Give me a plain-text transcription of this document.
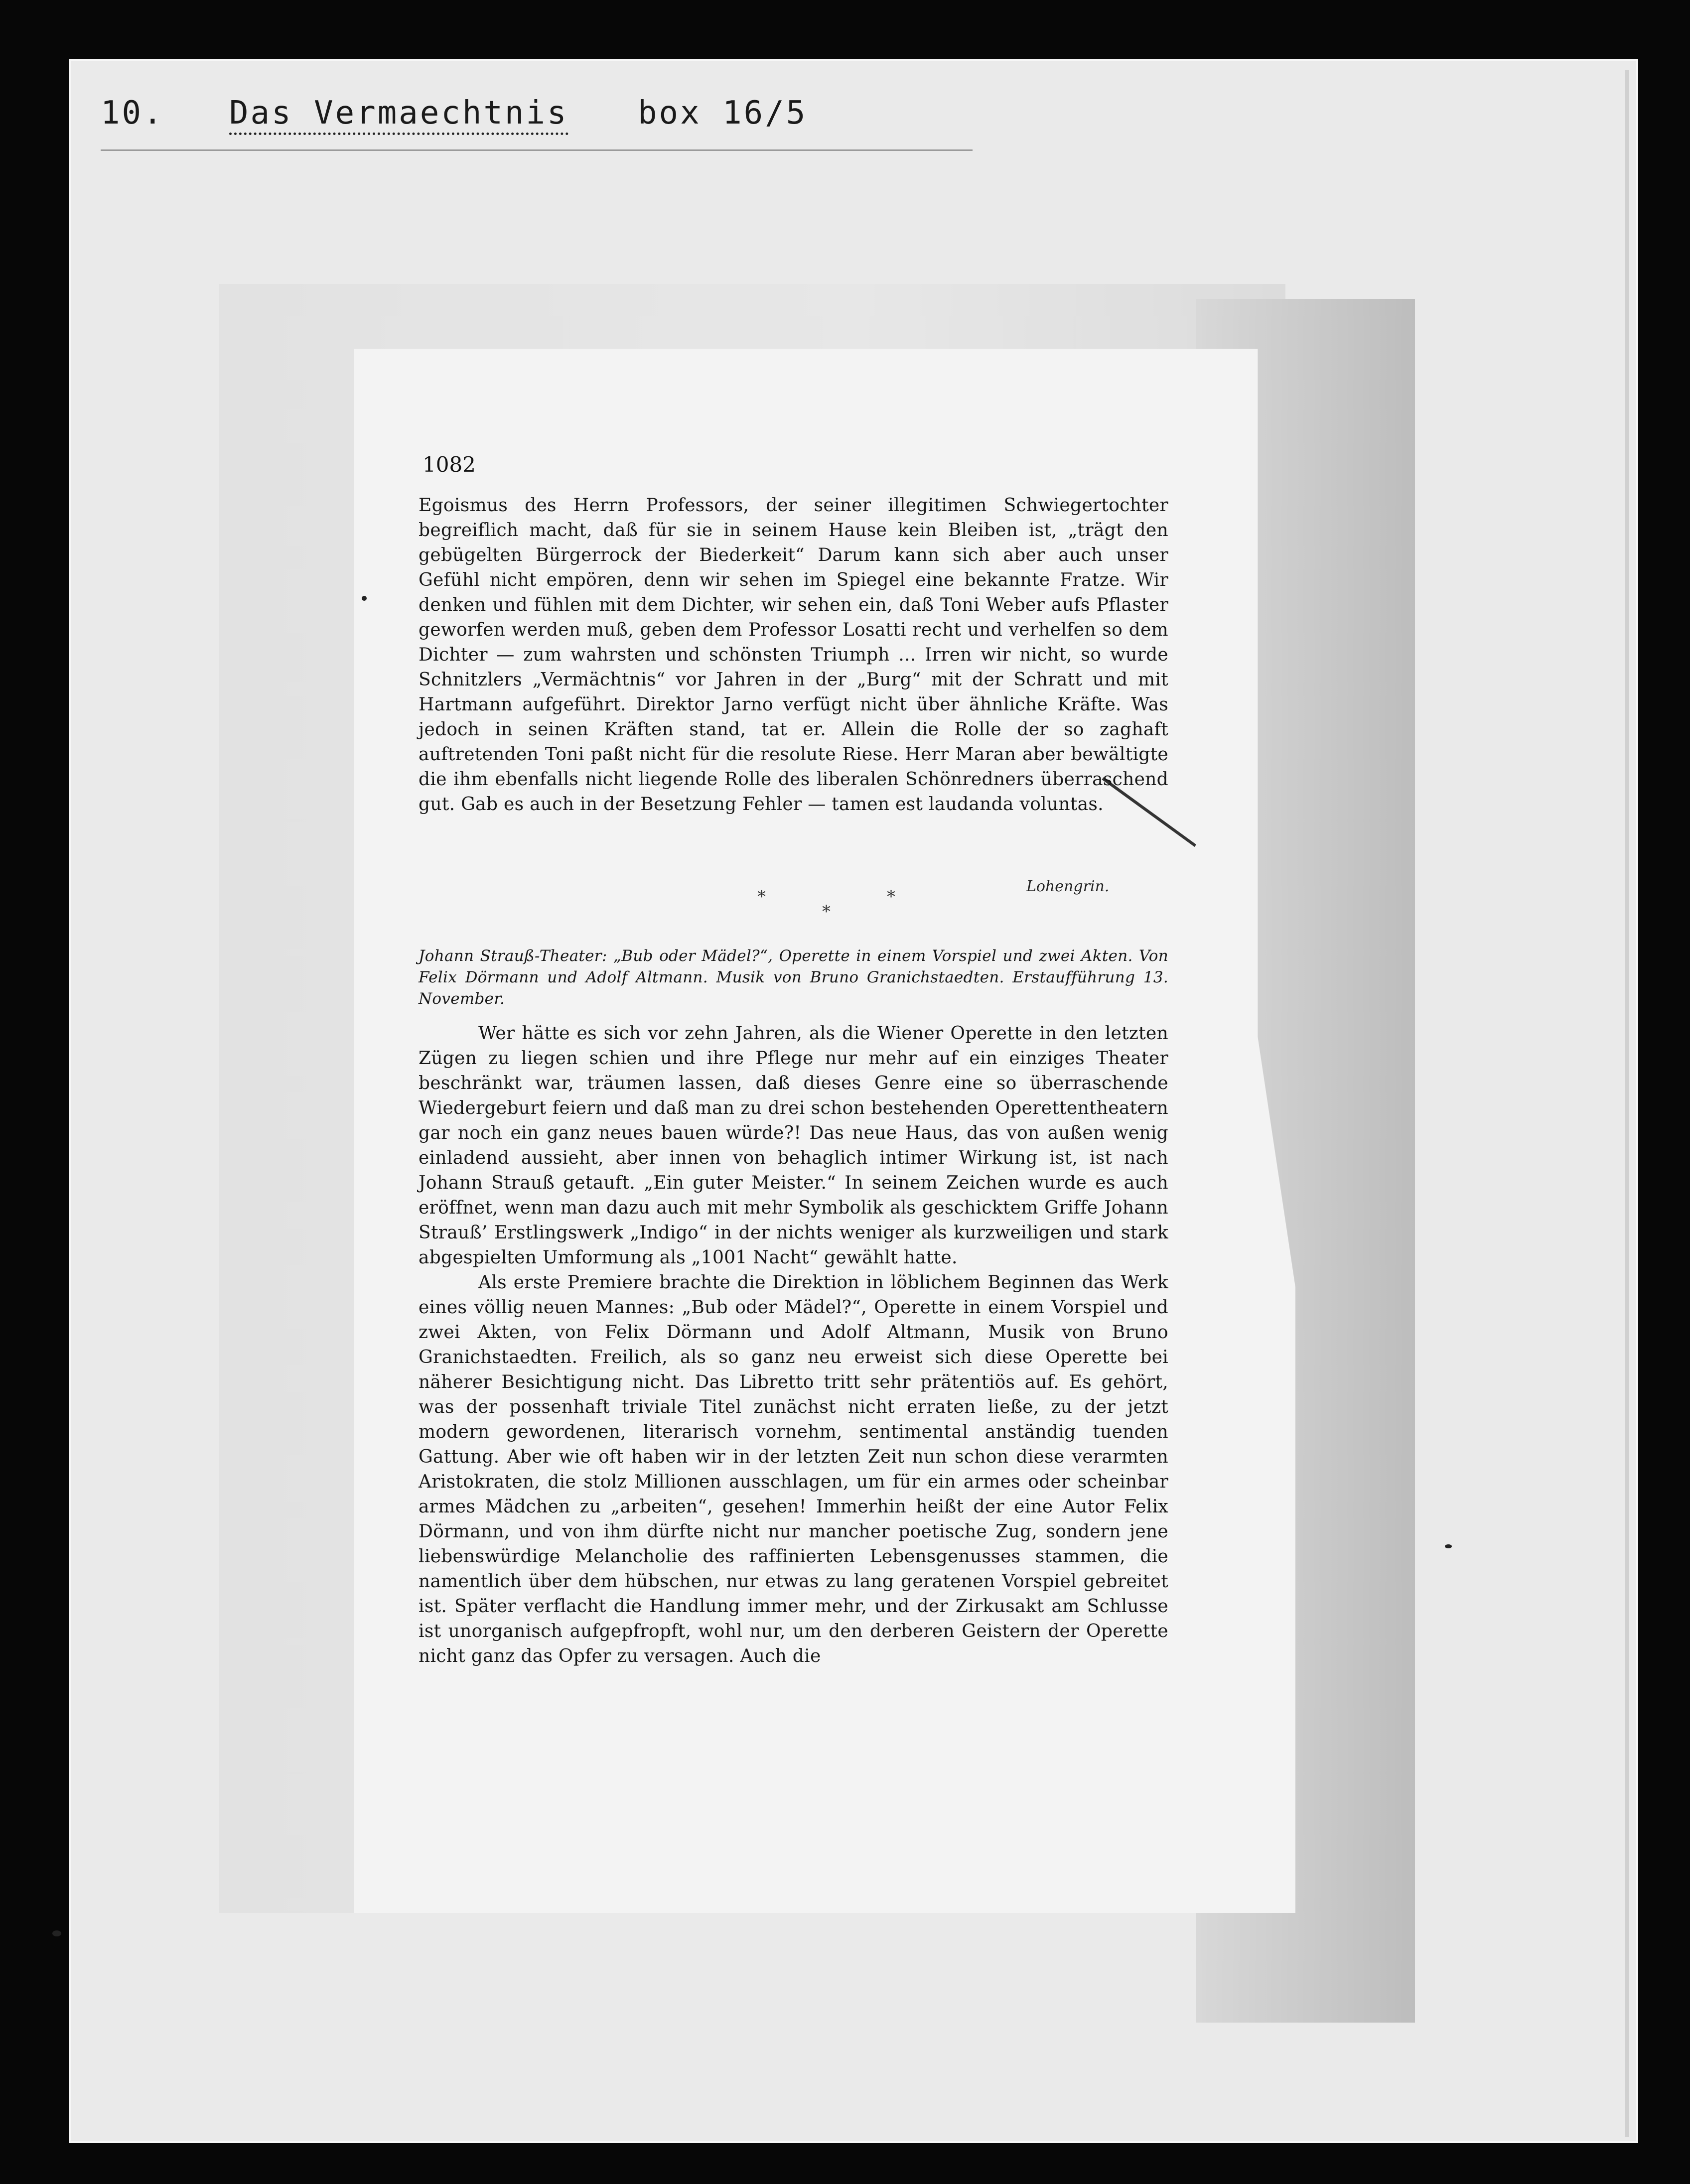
10. Das Vermaechtnis box 16/5
1082

Egoismus des Herrn Professors, der seiner illegitimen Schwiegertochter begreiflich macht, daß für sie in seinem Hause kein Bleiben ist, „trägt den gebügelten Bürgerrock der Biederkeit“ Darum kann sich aber auch unser Gefühl nicht empören, denn wir sehen im Spiegel eine bekannte Fratze. Wir denken und fühlen mit dem Dichter, wir sehen ein, daß Toni Weber aufs Pflaster geworfen werden muß, geben dem Professor Losatti recht und verhelfen so dem Dichter — zum wahrsten und schönsten Triumph ... Irren wir nicht, so wurde Schnitzlers „Vermächtnis“ vor Jahren in der „Burg“ mit der Schratt und mit Hartmann aufgeführt. Direktor Jarno verfügt nicht über ähnliche Kräfte. Was jedoch in seinen Kräften stand, tat er. Allein die Rolle der so zaghaft auftretenden Toni paßt nicht für die resolute Riese. Herr Maran aber bewältigte die ihm ebenfalls nicht liegende Rolle des liberalen Schönredners überraschend gut. Gab es auch in der Besetzung Fehler — tamen est laudanda voluntas.

Lohengrin.
*
*
*

Johann Strauß-Theater: „Bub oder Mädel?“, Operette in einem Vorspiel und zwei Akten. Von Felix Dörmann und Adolf Altmann. Musik von Bruno Granichstaedten. Erstaufführung 13. November.

Wer hätte es sich vor zehn Jahren, als die Wiener Operette in den letzten Zügen zu liegen schien und ihre Pflege nur mehr auf ein einziges Theater beschränkt war, träumen lassen, daß dieses Genre eine so überraschende Wiedergeburt feiern und daß man zu drei schon bestehenden Operettentheatern gar noch ein ganz neues bauen würde?! Das neue Haus, das von außen wenig einladend aussieht, aber innen von behaglich intimer Wirkung ist, ist nach Johann Strauß getauft. „Ein guter Meister.“ In seinem Zeichen wurde es auch eröffnet, wenn man dazu auch mit mehr Symbolik als geschicktem Griffe Johann Strauß’ Erstlingswerk „Indigo“ in der nichts weniger als kurzweiligen und stark abgespielten Umformung als „1001 Nacht“ gewählt hatte.

Als erste Premiere brachte die Direktion in löblichem Beginnen das Werk eines völlig neuen Mannes: „Bub oder Mädel?“, Operette in einem Vorspiel und zwei Akten, von Felix Dörmann und Adolf Altmann, Musik von Bruno Granichstaedten. Freilich, als so ganz neu erweist sich diese Operette bei näherer Besichtigung nicht. Das Libretto tritt sehr prätentiös auf. Es gehört, was der possenhaft triviale Titel zunächst nicht erraten ließe, zu der jetzt modern gewordenen, literarisch vornehm, sentimental anständig tuenden Gattung. Aber wie oft haben wir in der letzten Zeit nun schon diese verarmten Aristokraten, die stolz Millionen ausschlagen, um für ein armes oder scheinbar armes Mädchen zu „arbeiten“, gesehen! Immerhin heißt der eine Autor Felix Dörmann, und von ihm dürfte nicht nur mancher poetische Zug, sondern jene liebenswürdige Melancholie des raffinierten Lebensgenusses stammen, die namentlich über dem hübschen, nur etwas zu lang geratenen Vorspiel gebreitet ist. Später verflacht die Handlung immer mehr, und der Zirkusakt am Schlusse ist unorganisch aufgepfropft, wohl nur, um den derberen Geistern der Operette nicht ganz das Opfer zu versagen. Auch die
